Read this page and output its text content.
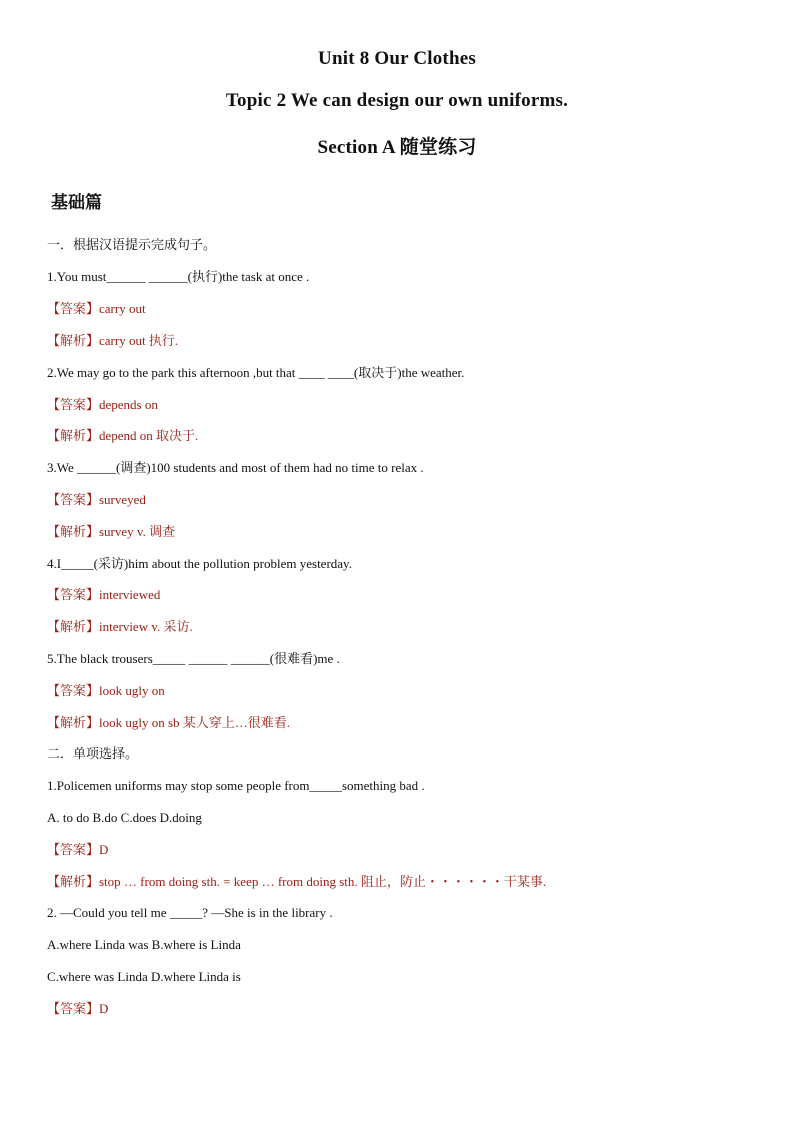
Unit 8 Our Clothes
Topic 2 We can design our own uniforms.
Section A 随堂练习
基础篇
一．根据汉语提示完成句子。
1.You must______ ______(执行)the task at once .
【答案】carry out
【解析】carry out 执行.
2.We may go to the park this afternoon ,but that ____ ____(取决于)the weather.
【答案】depends on
【解析】depend on 取决于.
3.We ______(调查)100 students and most of them had no time to relax .
【答案】surveyed
【解析】survey v. 调查
4.I_____(采访)him about the pollution problem yesterday.
【答案】interviewed
【解析】interview v. 采访.
5.The black trousers_____ ______ ______(很难看)me .
【答案】look ugly on
【解析】look ugly on sb 某人穿上…很难看.
二．单项选择。
1.Policemen uniforms may stop some people from_____something bad .
A. to do B.do C.does D.doing
【答案】D
【解析】stop … from doing sth. = keep … from doing sth. 阻止，防止・・・・・・干某事.
2. —Could you tell me _____? —She is in the library .
A.where Linda was B.where is Linda
C.where was Linda D.where Linda is
【答案】D
